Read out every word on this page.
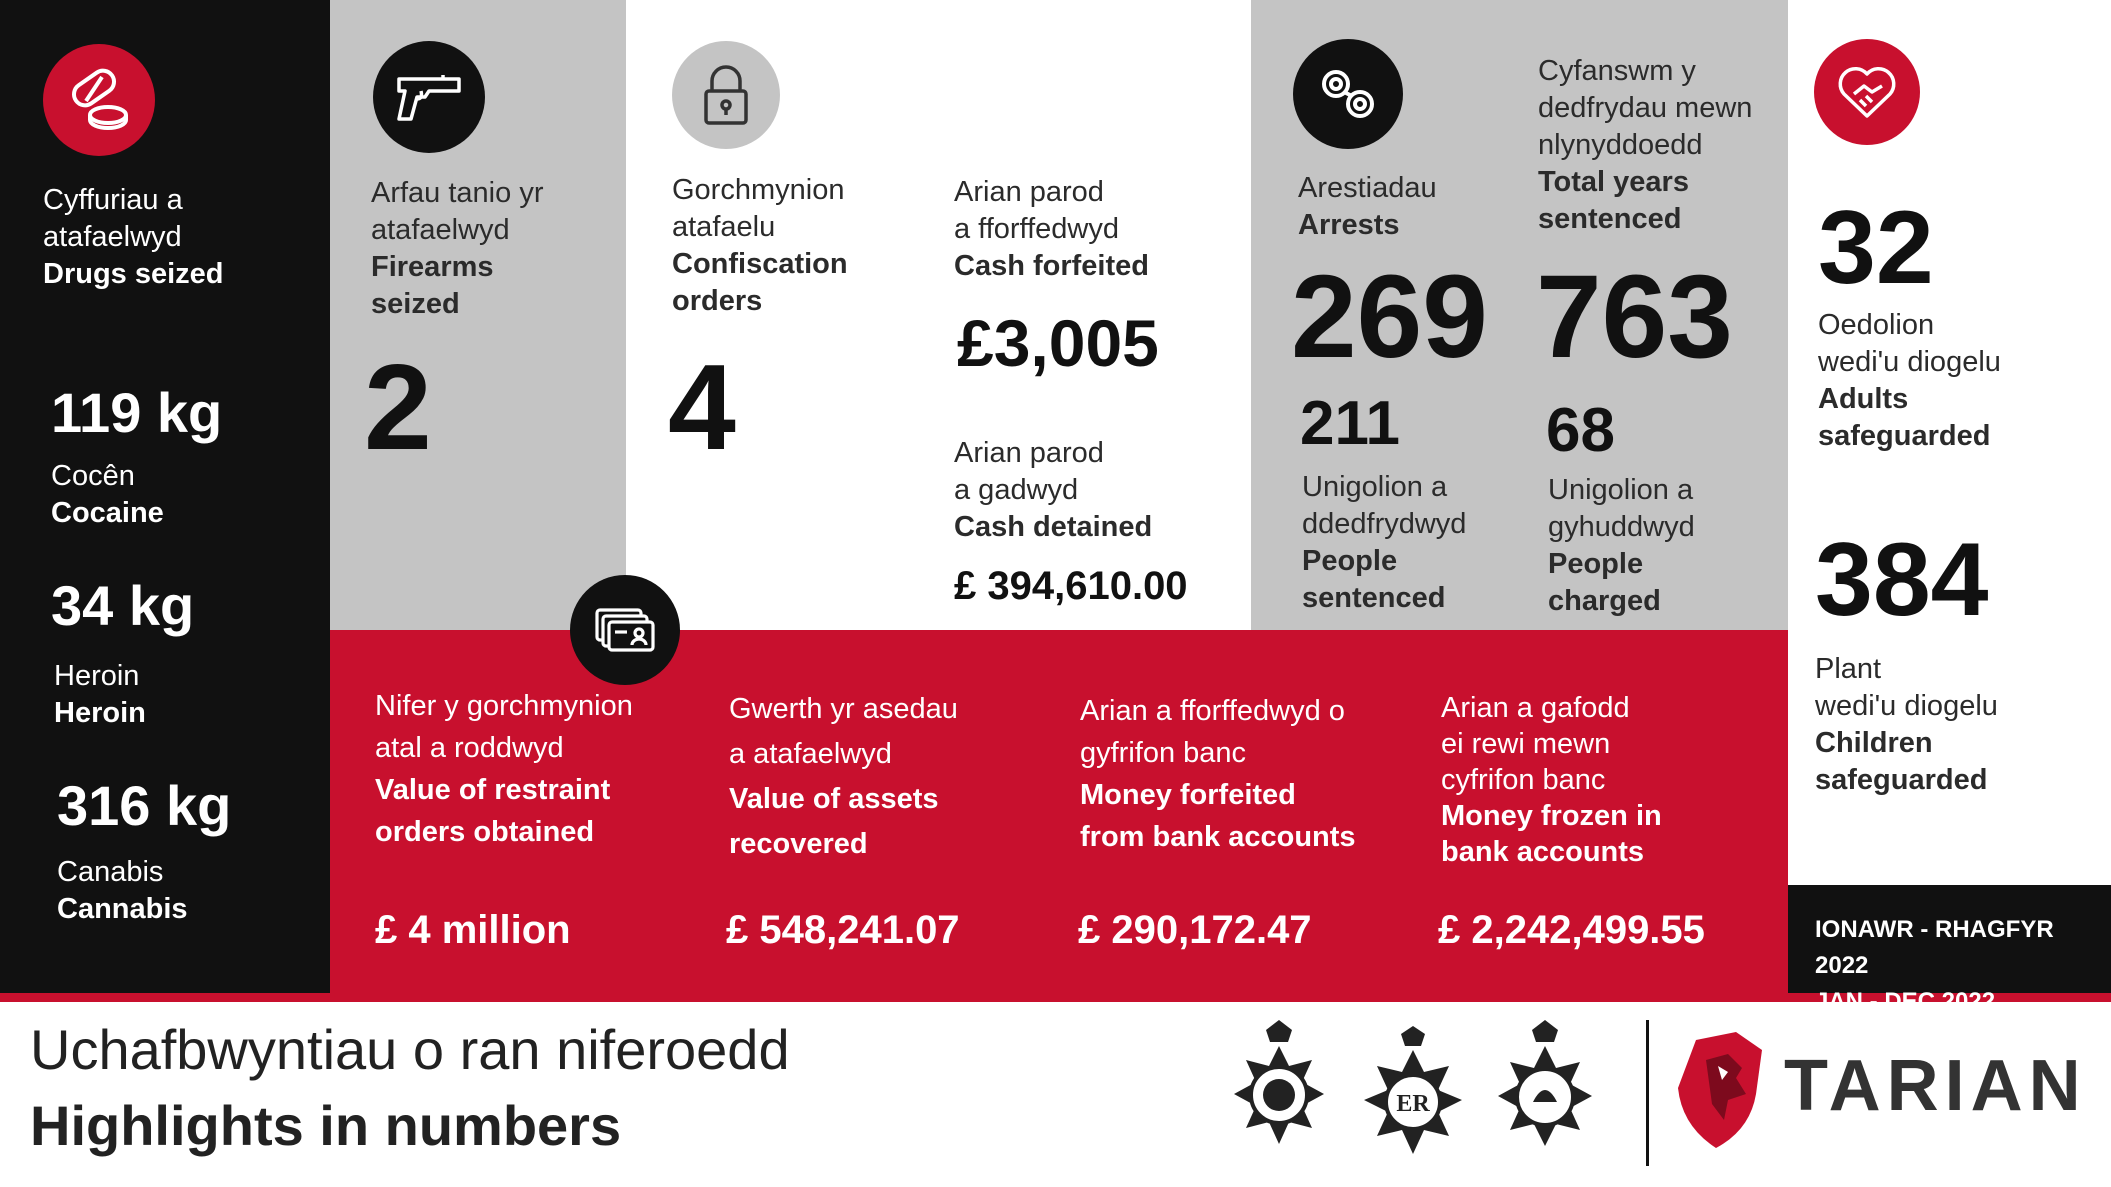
Cyffuriau a
atafaelwyd
Drugs seized
119 kg
Cocên
Cocaine
34 kg
Heroin
Heroin
316 kg
Canabis
Cannabis
Arfau tanio yr
atafaelwyd
Firearms
seized
2
Gorchmynion
atafaelu
Confiscation
orders
4
Arian parod
a fforffedwyd
Cash forfeited
£3,005
Arian parod
a gadwyd
Cash detained
£ 394,610.00
Arestiadau
Arrests
269
Cyfanswm y
dedfrydau mewn
nlynyddoedd
Total years
sentenced
763
211
Unigolion a
ddedfrydwyd
People
sentenced
68
Unigolion a
gyhuddwyd
People
charged
32
Oedolion
wedi'u diogelu
Adults
safeguarded
384
Plant
wedi'u diogelu
Children
safeguarded
Nifer y gorchmynion
atal a roddwyd
Value of restraint
orders obtained
£ 4 million
Gwerth yr asedau
a atafaelwyd
Value of assets
recovered
£ 548,241.07
Arian a fforffedwyd o
gyfrifon banc
Money forfeited
from bank accounts
£ 290,172.47
Arian a gafodd
ei rewi mewn
cyfrifon banc
Money frozen in
bank accounts
£ 2,242,499.55	IONAWR - RHAGFYR 2022
JAN - DEC 2022
Uchafbwyntiau o ran niferoedd
Highlights in numbers	ER	TARIAN
